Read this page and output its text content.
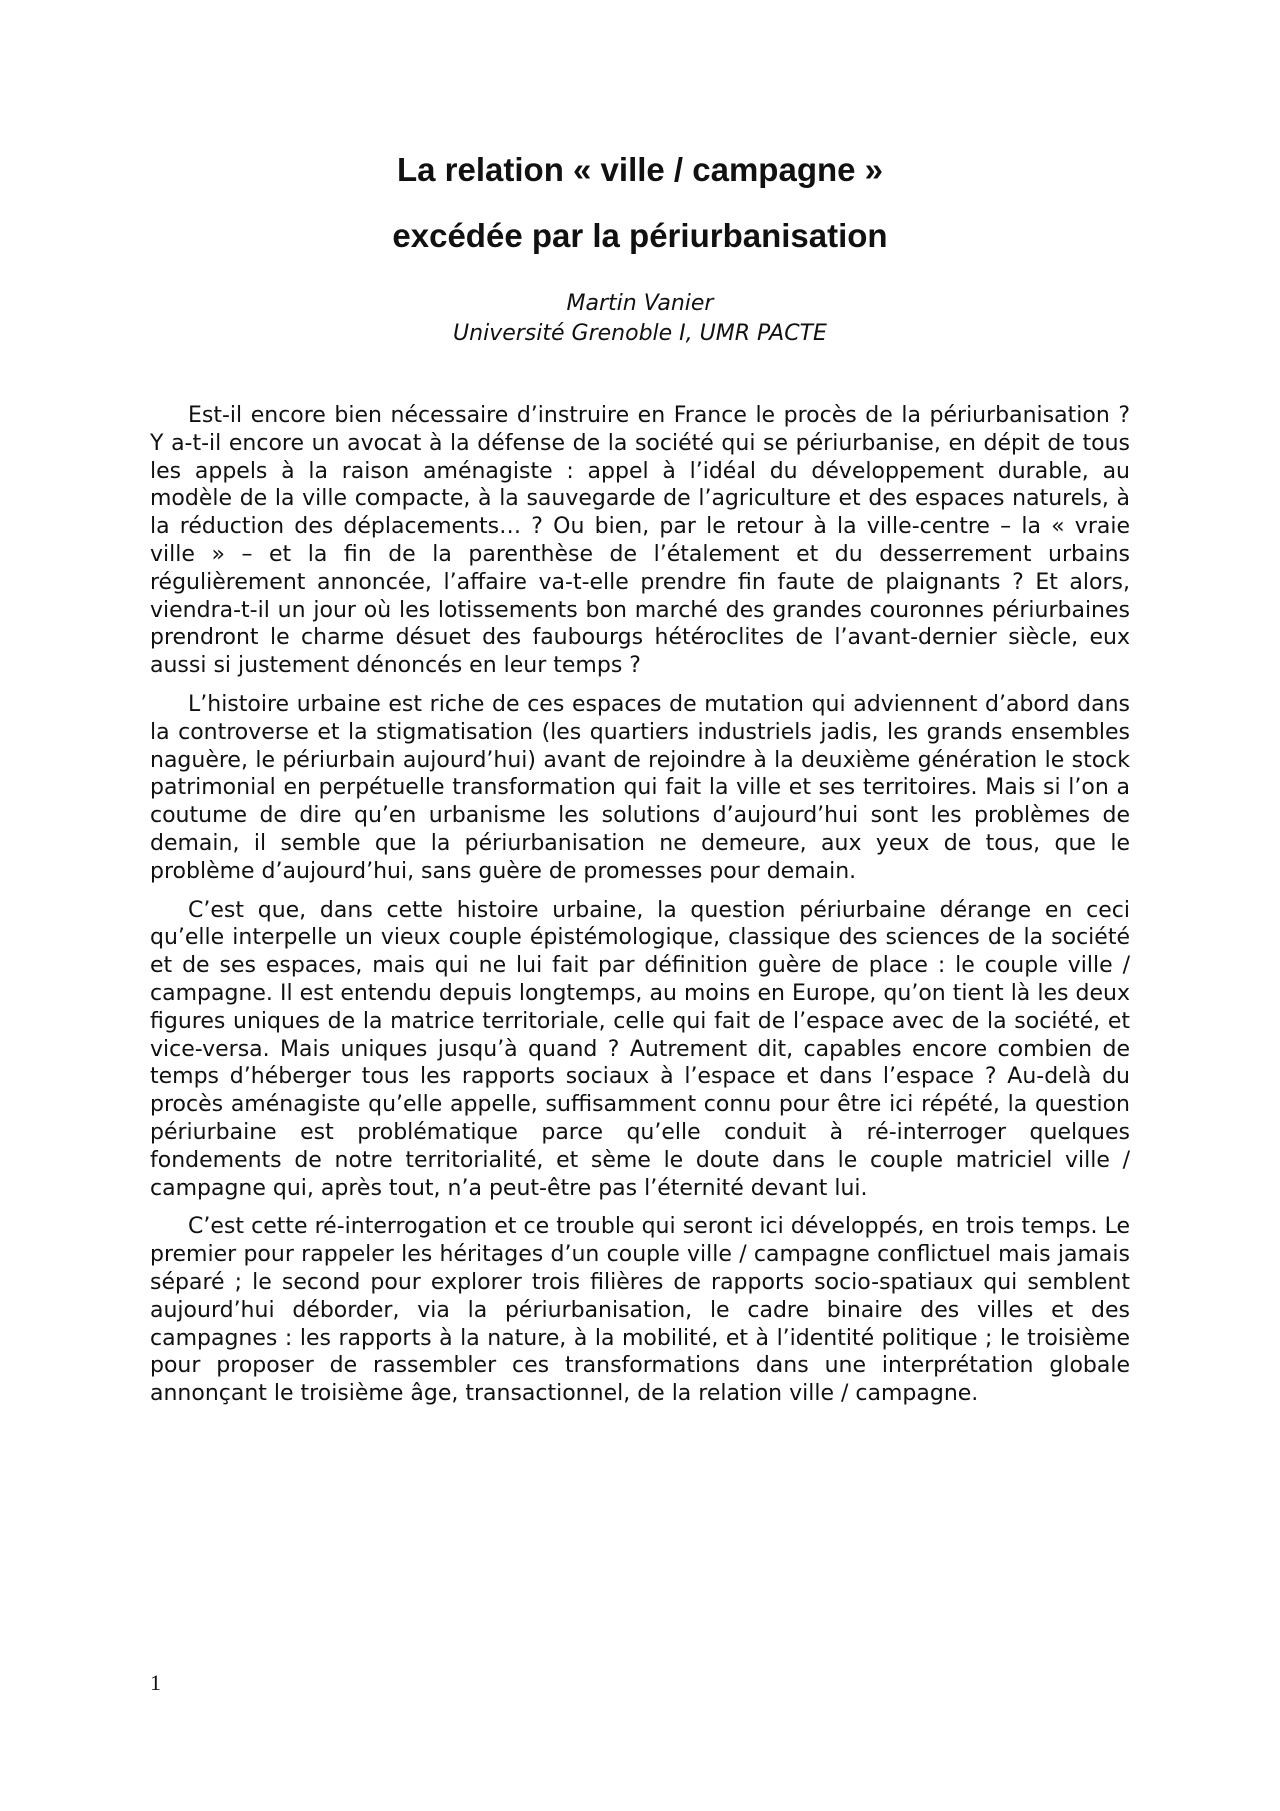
La relation « ville / campagne »
excédée par la périurbanisation
Martin Vanier
Université Grenoble I, UMR PACTE

Est-il encore bien nécessaire d’instruire en France le procès de la périurbanisation ? Y a-t-il encore un avocat à la défense de la société qui se périurbanise, en dépit de tous les appels à la raison aménagiste : appel à l’idéal du développement durable, au modèle de la ville compacte, à la sauvegarde de l’agriculture et des espaces naturels, à la réduction des déplacements… ? Ou bien, par le retour à la ville-centre – la « vraie ville » – et la fin de la parenthèse de l’étalement et du desserrement urbains régulièrement annoncée, l’affaire va-t-elle prendre fin faute de plaignants ? Et alors, viendra-t-il un jour où les lotissements bon marché des grandes couronnes périurbaines prendront le charme désuet des faubourgs hétéroclites de l’avant-dernier siècle, eux aussi si justement dénoncés en leur temps ?

L’histoire urbaine est riche de ces espaces de mutation qui adviennent d’abord dans la controverse et la stigmatisation (les quartiers industriels jadis, les grands ensembles naguère, le périurbain aujourd’hui) avant de rejoindre à la deuxième génération le stock patrimonial en perpétuelle transformation qui fait la ville et ses territoires. Mais si l’on a coutume de dire qu’en urbanisme les solutions d’aujourd’hui sont les problèmes de demain, il semble que la périurbanisation ne demeure, aux yeux de tous, que le problème d’aujourd’hui, sans guère de promesses pour demain.

C’est que, dans cette histoire urbaine, la question périurbaine dérange en ceci qu’elle interpelle un vieux couple épistémologique, classique des sciences de la société et de ses espaces, mais qui ne lui fait par définition guère de place : le couple ville / campagne. Il est entendu depuis longtemps, au moins en Europe, qu’on tient là les deux figures uniques de la matrice territoriale, celle qui fait de l’espace avec de la société, et vice-versa. Mais uniques jusqu’à quand ? Autrement dit, capables encore combien de temps d’héberger tous les rapports sociaux à l’espace et dans l’espace ? Au-delà du procès aménagiste qu’elle appelle, suffisamment connu pour être ici répété, la question périurbaine est problématique parce qu’elle conduit à ré-interroger quelques fondements de notre territorialité, et sème le doute dans le couple matriciel ville / campagne qui, après tout, n’a peut-être pas l’éternité devant lui.

C’est cette ré-interrogation et ce trouble qui seront ici développés, en trois temps. Le premier pour rappeler les héritages d’un couple ville / campagne conflictuel mais jamais séparé ; le second pour explorer trois filières de rapports socio-spatiaux qui semblent aujourd’hui déborder, via la périurbanisation, le cadre binaire des villes et des campagnes : les rapports à la nature, à la mobilité, et à l’identité politique ; le troisième pour proposer de rassembler ces transformations dans une interprétation globale annonçant le troisième âge, transactionnel, de la relation ville / campagne.

1
